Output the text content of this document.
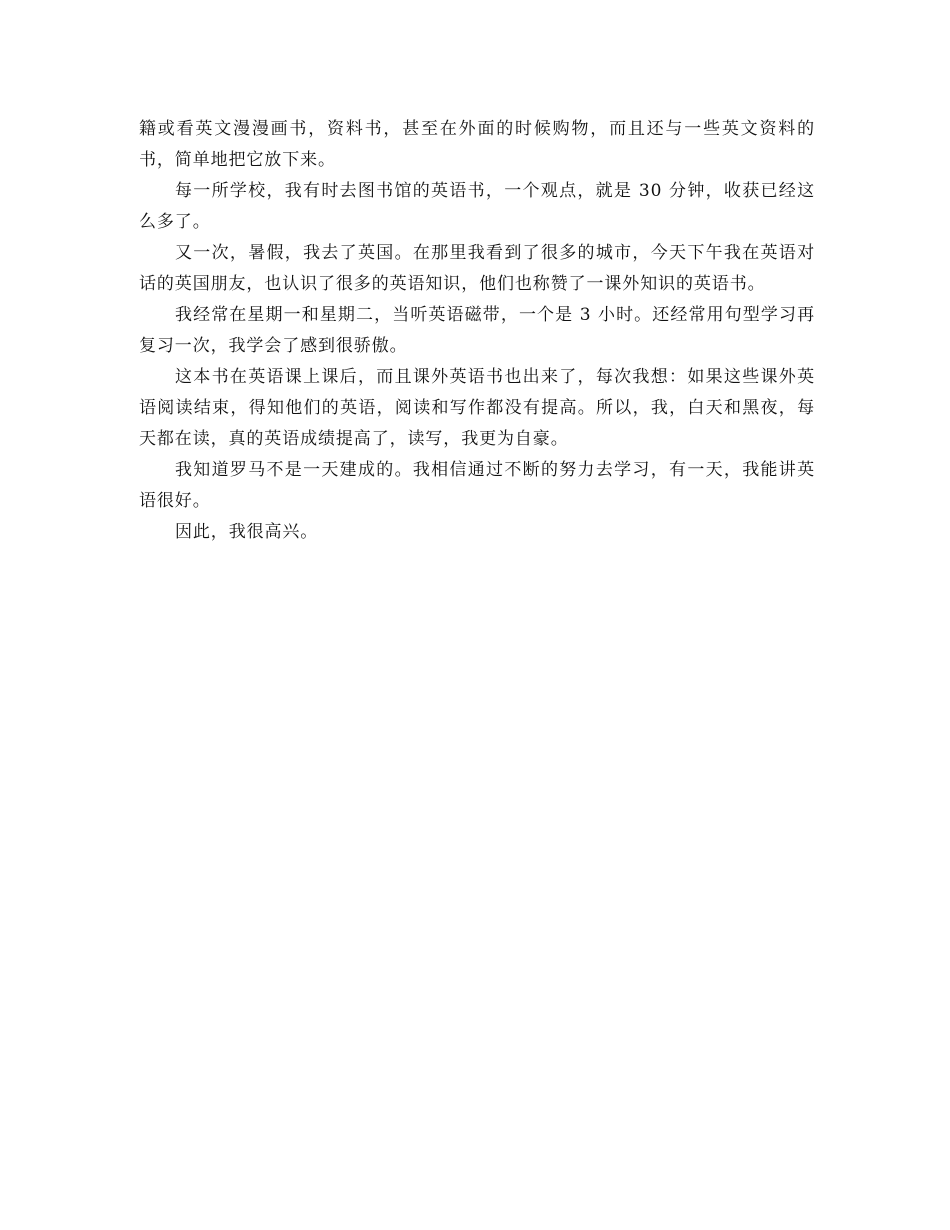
籍或看英文漫漫画书，资料书，甚至在外面的时候购物，而且还与一些英文资料的书，简单地把它放下来。

每一所学校，我有时去图书馆的英语书，一个观点，就是 30 分钟，收获已经这么多了。

又一次，暑假，我去了英国。在那里我看到了很多的城市，今天下午我在英语对话的英国朋友，也认识了很多的英语知识，他们也称赞了一课外知识的英语书。

我经常在星期一和星期二，当听英语磁带，一个是 3 小时。还经常用句型学习再复习一次，我学会了感到很骄傲。

这本书在英语课上课后，而且课外英语书也出来了，每次我想：如果这些课外英语阅读结束，得知他们的英语，阅读和写作都没有提高。所以，我，白天和黑夜，每天都在读，真的英语成绩提高了，读写，我更为自豪。

我知道罗马不是一天建成的。我相信通过不断的努力去学习，有一天，我能讲英语很好。

因此，我很高兴。
